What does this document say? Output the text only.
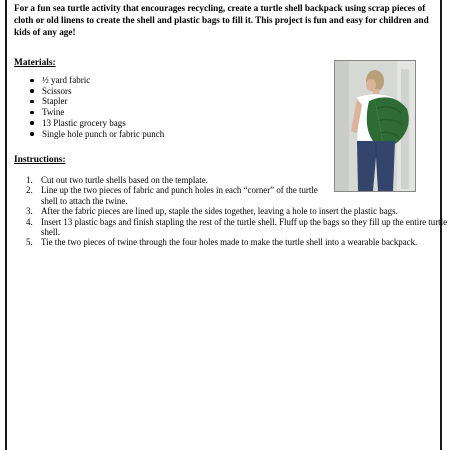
For a fun sea turtle activity that encourages recycling, create a turtle shell backpack using scrap pieces of cloth or old linens to create the shell and plastic bags to fill it. This project is fun and easy for children and kids of any age!

Materials:

½ yard fabric
Scissors
Stapler
Twine
13 Plastic grocery bags
Single hole punch or fabric punch

Instructions:

1. Cut out two turtle shells based on the template.
2. Line up the two pieces of fabric and punch holes in each “corner” of the turtle shell to attach the twine.
3. After the fabric pieces are lined up, staple the sides together, leaving a hole to insert the plastic bags.
4. Insert 13 plastic bags and finish stapling the rest of the turtle shell. Fluff up the bags so they fill up the entire turtle shell.
5. Tie the two pieces of twine through the four holes made to make the turtle shell into a wearable backpack.
